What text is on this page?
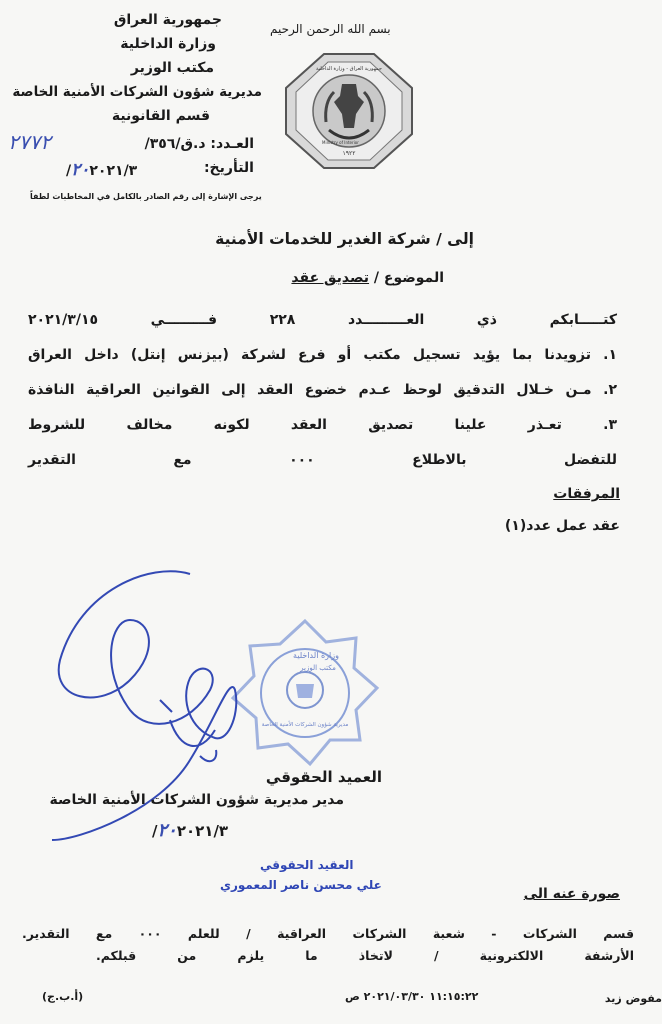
جمهورية العراق
وزارة الداخلية
مكتب الوزير
مديرية شؤون الشركات الأمنية الخاصة
قسم القانونية
العـدد: د.ق/٣٥٦/
التأريخ:
٢٧٧٢
٢٠٢٠٢١/٣/
يرجى الإشارة إلى رقم الصادر بالكامل في المخاطبات لطفاً
بسم الله الرحمن الرحيم
١٩٢٢
جمهورية العراق - وزارة الداخلية
Ministry of Interior
إلى / شركة الغدير للخدمات الأمنية
الموضوع / تصديق عقد
كتـــــابكم ذي العـــــــــدد ٢٢٨ فـــــــــي ٢٠٢١/٣/١٥
١. تزويدنا بما يؤيد تسجيل مكتب أو فرع لشركة (بيزنس إنتل) داخل العراق
٢. مـن خـلال التدقيق لوحظ عـدم خضوع العقد إلى القوانين العراقية النافذة
٣. تعـذر علينا تصديق العقد لكونه مخالف للشروط
للتفضل بالاطلاع ٠٠٠ مع التقدير
المرفقات
عقد عمل عدد(١)
وزارة الداخلية
مكتب الوزير
مديرية شؤون الشركات الأمنية الخاصة
العميد الحقوقي
مدير مديرية شؤون الشركات الأمنية الخاصة
٢٠٢٠٢١/٣/
العقيد الحقوقي
علي محسن ناصر المعموري
صورة عنه الى
قسم الشركات - شعبة الشركات العراقية / للعلم ٠٠٠ مع التقدير.
الأرشفة الالكترونية / لاتخاذ ما يلزم من قبلكم.
(أ.ب.ج)	١١:١٥:٢٢ ٢٠٢١/٠٣/٣٠ ص	مفوض زيد
